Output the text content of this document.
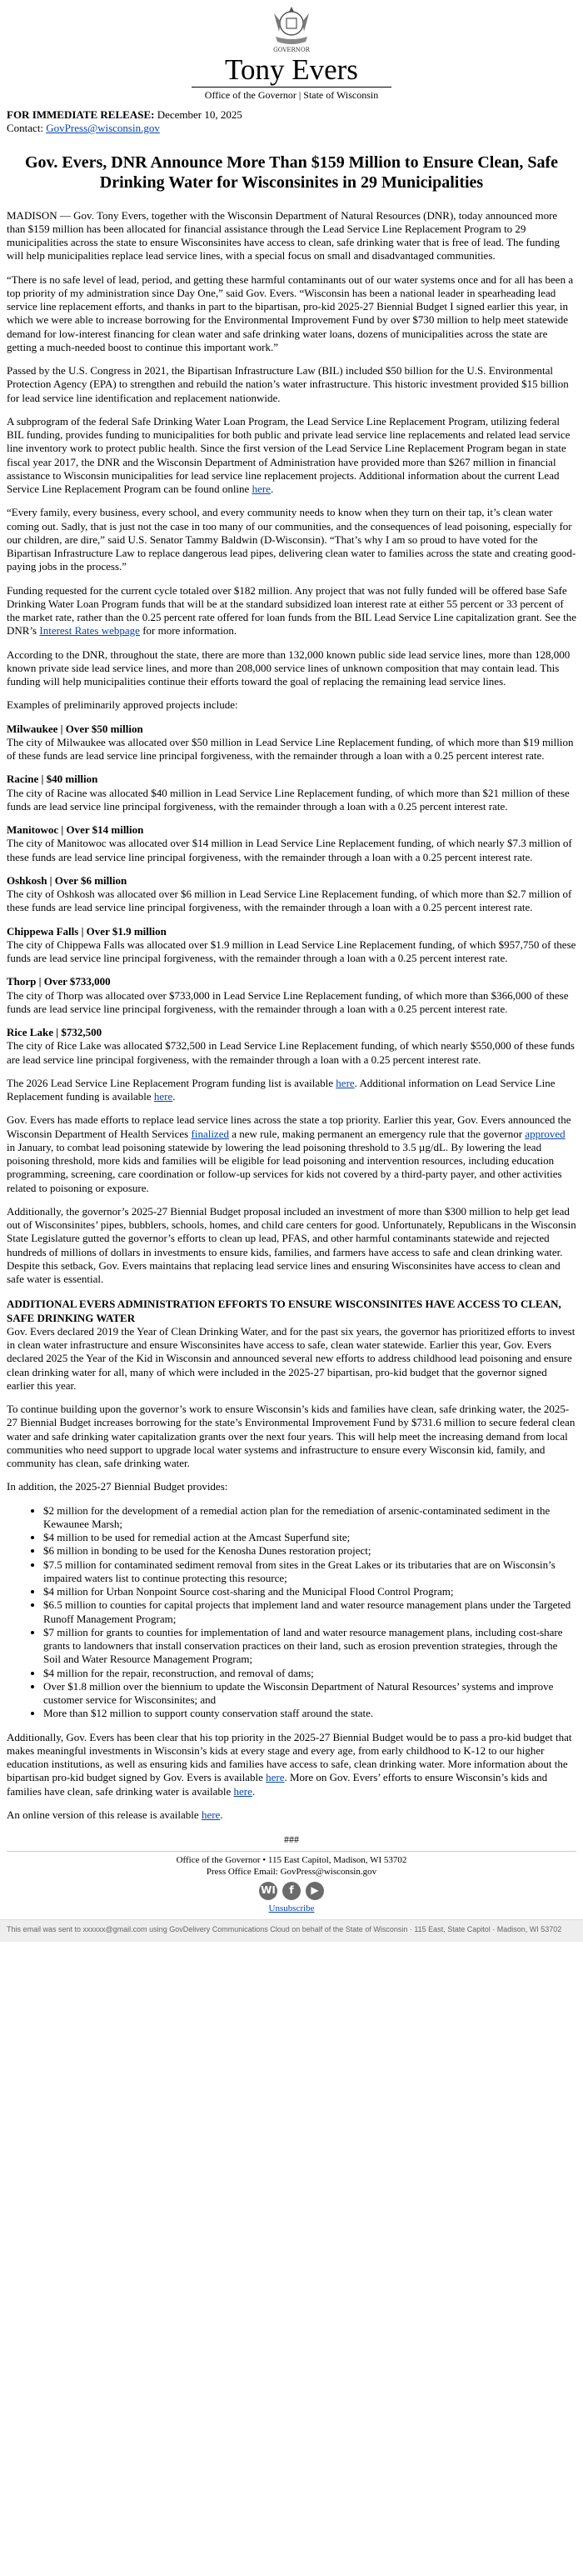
GOVERNOR
Tony Evers
Office of the Governor | State of Wisconsin
FOR IMMEDIATE RELEASE: December 10, 2025
Contact: GovPress@wisconsin.gov
Gov. Evers, DNR Announce More Than $159 Million to Ensure Clean, Safe Drinking Water for Wisconsinites in 29 Municipalities

MADISON — Gov. Tony Evers, together with the Wisconsin Department of Natural Resources (DNR), today announced more than $159 million has been allocated for financial assistance through the Lead Service Line Replacement Program to 29 municipalities across the state to ensure Wisconsinites have access to clean, safe drinking water that is free of lead. The funding will help municipalities replace lead service lines, with a special focus on small and disadvantaged communities.

“There is no safe level of lead, period, and getting these harmful contaminants out of our water systems once and for all has been a top priority of my administration since Day One,” said Gov. Evers. “Wisconsin has been a national leader in spearheading lead service line replacement efforts, and thanks in part to the bipartisan, pro-kid 2025-27 Biennial Budget I signed earlier this year, in which we were able to increase borrowing for the Environmental Improvement Fund by over $730 million to help meet statewide demand for low-interest financing for clean water and safe drinking water loans, dozens of municipalities across the state are getting a much-needed boost to continue this important work.”

Passed by the U.S. Congress in 2021, the Bipartisan Infrastructure Law (BIL) included $50 billion for the U.S. Environmental Protection Agency (EPA) to strengthen and rebuild the nation’s water infrastructure. This historic investment provided $15 billion for lead service line identification and replacement nationwide.

A subprogram of the federal Safe Drinking Water Loan Program, the Lead Service Line Replacement Program, utilizing federal BIL funding, provides funding to municipalities for both public and private lead service line replacements and related lead service line inventory work to protect public health. Since the first version of the Lead Service Line Replacement Program began in state fiscal year 2017, the DNR and the Wisconsin Department of Administration have provided more than $267 million in financial assistance to Wisconsin municipalities for lead service line replacement projects. Additional information about the current Lead Service Line Replacement Program can be found online here.

“Every family, every business, every school, and every community needs to know when they turn on their tap, it’s clean water coming out. Sadly, that is just not the case in too many of our communities, and the consequences of lead poisoning, especially for our children, are dire,” said U.S. Senator Tammy Baldwin (D-Wisconsin). “That’s why I am so proud to have voted for the Bipartisan Infrastructure Law to replace dangerous lead pipes, delivering clean water to families across the state and creating good-paying jobs in the process.”

Funding requested for the current cycle totaled over $182 million. Any project that was not fully funded will be offered base Safe Drinking Water Loan Program funds that will be at the standard subsidized loan interest rate at either 55 percent or 33 percent of the market rate, rather than the 0.25 percent rate offered for loan funds from the BIL Lead Service Line capitalization grant. See the DNR’s Interest Rates webpage for more information.

According to the DNR, throughout the state, there are more than 132,000 known public side lead service lines, more than 128,000 known private side lead service lines, and more than 208,000 service lines of unknown composition that may contain lead. This funding will help municipalities continue their efforts toward the goal of replacing the remaining lead service lines.

Examples of preliminarily approved projects include:

Milwaukee | Over $50 million

The city of Milwaukee was allocated over $50 million in Lead Service Line Replacement funding, of which more than $19 million of these funds are lead service line principal forgiveness, with the remainder through a loan with a 0.25 percent interest rate.

Racine | $40 million

The city of Racine was allocated $40 million in Lead Service Line Replacement funding, of which more than $21 million of these funds are lead service line principal forgiveness, with the remainder through a loan with a 0.25 percent interest rate.

Manitowoc | Over $14 million

The city of Manitowoc was allocated over $14 million in Lead Service Line Replacement funding, of which nearly $7.3 million of these funds are lead service line principal forgiveness, with the remainder through a loan with a 0.25 percent interest rate.

Oshkosh | Over $6 million

The city of Oshkosh was allocated over $6 million in Lead Service Line Replacement funding, of which more than $2.7 million of these funds are lead service line principal forgiveness, with the remainder through a loan with a 0.25 percent interest rate.

Chippewa Falls | Over $1.9 million

The city of Chippewa Falls was allocated over $1.9 million in Lead Service Line Replacement funding, of which $957,750 of these funds are lead service line principal forgiveness, with the remainder through a loan with a 0.25 percent interest rate.

Thorp | Over $733,000

The city of Thorp was allocated over $733,000 in Lead Service Line Replacement funding, of which more than $366,000 of these funds are lead service line principal forgiveness, with the remainder through a loan with a 0.25 percent interest rate.

Rice Lake | $732,500

The city of Rice Lake was allocated $732,500 in Lead Service Line Replacement funding, of which nearly $550,000 of these funds are lead service line principal forgiveness, with the remainder through a loan with a 0.25 percent interest rate.

The 2026 Lead Service Line Replacement Program funding list is available here. Additional information on Lead Service Line Replacement funding is available here.

Gov. Evers has made efforts to replace lead service lines across the state a top priority. Earlier this year, Gov. Evers announced the Wisconsin Department of Health Services finalized a new rule, making permanent an emergency rule that the governor approved in January, to combat lead poisoning statewide by lowering the lead poisoning threshold to 3.5 µg/dL. By lowering the lead poisoning threshold, more kids and families will be eligible for lead poisoning and intervention resources, including education programming, screening, care coordination or follow-up services for kids not covered by a third-party payer, and other activities related to poisoning or exposure.

Additionally, the governor’s 2025-27 Biennial Budget proposal included an investment of more than $300 million to help get lead out of Wisconsinites’ pipes, bubblers, schools, homes, and child care centers for good. Unfortunately, Republicans in the Wisconsin State Legislature gutted the governor’s efforts to clean up lead, PFAS, and other harmful contaminants statewide and rejected hundreds of millions of dollars in investments to ensure kids, families, and farmers have access to safe and clean drinking water. Despite this setback, Gov. Evers maintains that replacing lead service lines and ensuring Wisconsinites have access to clean and safe water is essential.

ADDITIONAL EVERS ADMINISTRATION EFFORTS TO ENSURE WISCONSINITES HAVE ACCESS TO CLEAN, SAFE DRINKING WATER

Gov. Evers declared 2019 the Year of Clean Drinking Water, and for the past six years, the governor has prioritized efforts to invest in clean water infrastructure and ensure Wisconsinites have access to safe, clean water statewide. Earlier this year, Gov. Evers declared 2025 the Year of the Kid in Wisconsin and announced several new efforts to address childhood lead poisoning and ensure clean drinking water for all, many of which were included in the 2025-27 bipartisan, pro-kid budget that the governor signed earlier this year.

To continue building upon the governor’s work to ensure Wisconsin’s kids and families have clean, safe drinking water, the 2025-27 Biennial Budget increases borrowing for the state’s Environmental Improvement Fund by $731.6 million to secure federal clean water and safe drinking water capitalization grants over the next four years. This will help meet the increasing demand from local communities who need support to upgrade local water systems and infrastructure to ensure every Wisconsin kid, family, and community has clean, safe drinking water.

In addition, the 2025-27 Biennial Budget provides:

• $2 million for the development of a remedial action plan for the remediation of arsenic-contaminated sediment in the Kewaunee Marsh;
• $4 million to be used for remedial action at the Amcast Superfund site;
• $6 million in bonding to be used for the Kenosha Dunes restoration project;
• $7.5 million for contaminated sediment removal from sites in the Great Lakes or its tributaries that are on Wisconsin’s impaired waters list to continue protecting this resource;
• $4 million for Urban Nonpoint Source cost-sharing and the Municipal Flood Control Program;
• $6.5 million to counties for capital projects that implement land and water resource management plans under the Targeted Runoff Management Program;
• $7 million for grants to counties for implementation of land and water resource management plans, including cost-share grants to landowners that install conservation practices on their land, such as erosion prevention strategies, through the Soil and Water Resource Management Program;
• $4 million for the repair, reconstruction, and removal of dams;
• Over $1.8 million over the biennium to update the Wisconsin Department of Natural Resources’ systems and improve customer service for Wisconsinites; and
• More than $12 million to support county conservation staff around the state.

Additionally, Gov. Evers has been clear that his top priority in the 2025-27 Biennial Budget would be to pass a pro-kid budget that makes meaningful investments in Wisconsin’s kids at every stage and every age, from early childhood to K-12 to our higher education institutions, as well as ensuring kids and families have access to safe, clean drinking water. More information about the bipartisan pro-kid budget signed by Gov. Evers is available here. More on Gov. Evers’ efforts to ensure Wisconsin’s kids and families have clean, safe drinking water is available here.

An online version of this release is available here.

###
Office of the Governor • 115 East Capitol, Madison, WI 53702
Press Office Email: GovPress@wisconsin.gov
WI	f	▶
Unsubscribe
This email was sent to xxxxxx@gmail.com using GovDelivery Communications Cloud on behalf of the State of Wisconsin · 115 East, State Capitol · Madison, WI 53702
